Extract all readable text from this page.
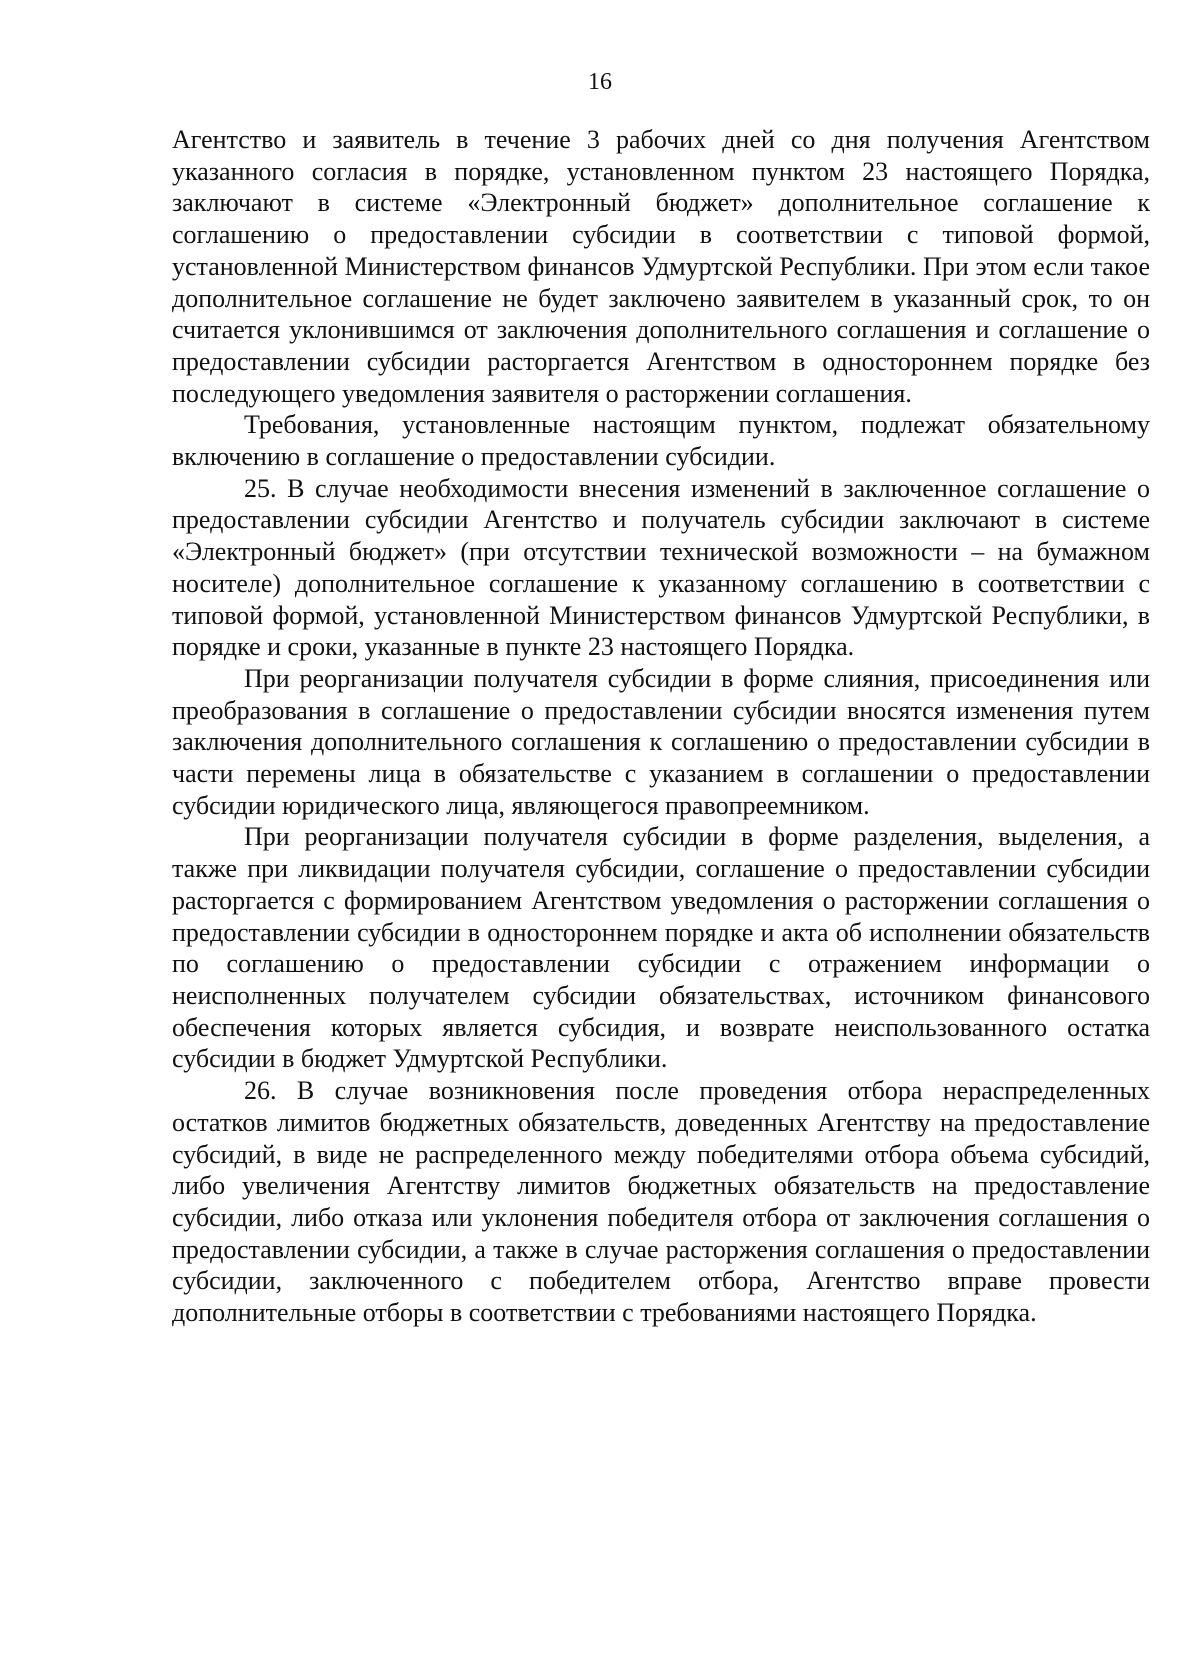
16

Агентство и заявитель в течение 3 рабочих дней со дня получения Агентством указанного согласия в порядке, установленном пунктом 23 настоящего Порядка, заключают в системе «Электронный бюджет» дополнительное соглашение к соглашению о предоставлении субсидии в соответствии с типовой формой, установленной Министерством финансов Удмуртской Республики. При этом если такое дополнительное соглашение не будет заключено заявителем в указанный срок, то он считается уклонившимся от заключения дополнительного соглашения и соглашение о предоставлении субсидии расторгается Агентством в одностороннем порядке без последующего уведомления заявителя о расторжении соглашения.

Требования, установленные настоящим пунктом, подлежат обязательному включению в соглашение о предоставлении субсидии.

25. В случае необходимости внесения изменений в заключенное соглашение о предоставлении субсидии Агентство и получатель субсидии заключают в системе «Электронный бюджет» (при отсутствии технической возможности – на бумажном носителе) дополнительное соглашение к указанному соглашению в соответствии с типовой формой, установленной Министерством финансов Удмуртской Республики, в порядке и сроки, указанные в пункте 23 настоящего Порядка.

При реорганизации получателя субсидии в форме слияния, присоединения или преобразования в соглашение о предоставлении субсидии вносятся изменения путем заключения дополнительного соглашения к соглашению о предоставлении субсидии в части перемены лица в обязательстве с указанием в соглашении о предоставлении субсидии юридического лица, являющегося правопреемником.

При реорганизации получателя субсидии в форме разделения, выделения, а также при ликвидации получателя субсидии, соглашение о предоставлении субсидии расторгается с формированием Агентством уведомления о расторжении соглашения о предоставлении субсидии в одностороннем порядке и акта об исполнении обязательств по соглашению о предоставлении субсидии с отражением информации о неисполненных получателем субсидии обязательствах, источником финансового обеспечения которых является субсидия, и возврате неиспользованного остатка субсидии в бюджет Удмуртской Республики.

26. В случае возникновения после проведения отбора нераспределенных остатков лимитов бюджетных обязательств, доведенных Агентству на предоставление субсидий, в виде не распределенного между победителями отбора объема субсидий, либо увеличения Агентству лимитов бюджетных обязательств на предоставление субсидии, либо отказа или уклонения победителя отбора от заключения соглашения о предоставлении субсидии, а также в случае расторжения соглашения о предоставлении субсидии, заключенного с победителем отбора, Агентство вправе провести дополнительные отборы в соответствии с требованиями настоящего Порядка.
